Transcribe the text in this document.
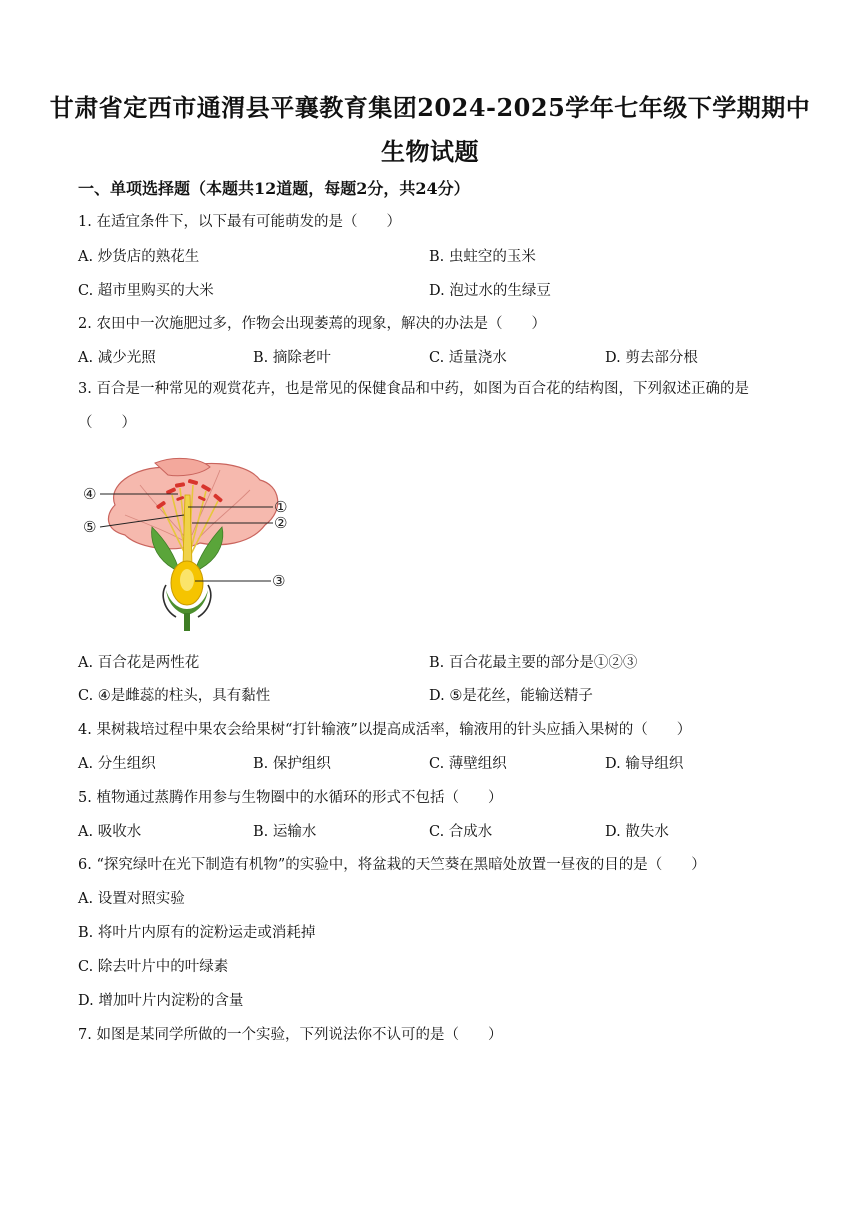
甘肃省定西市通渭县平襄教育集团2024-2025学年七年级下学期期中
生物试题
一、单项选择题（本题共12道题，每题2分，共24分）
1. 在适宜条件下，以下最有可能萌发的是（　　）
A. 炒货店的熟花生	B. 虫蛀空的玉米
C. 超市里购买的大米	D. 泡过水的生绿豆
2. 农田中一次施肥过多，作物会出现萎蔫的现象，解决的办法是（　　）
A. 减少光照	B. 摘除老叶	C. 适量浇水	D. 剪去部分根
3. 百合是一种常见的观赏花卉，也是常见的保健食品和中药，如图为百合花的结构图，下列叙述正确的是（　　）
④
⑤
①
②
③
A. 百合花是两性花	B. 百合花最主要的部分是①②③
C. ④是雌蕊的柱头，具有黏性	D. ⑤是花丝，能输送精子
4. 果树栽培过程中果农会给果树“打针输液”以提高成活率，输液用的针头应插入果树的（　　）
A. 分生组织	B. 保护组织	C. 薄壁组织	D. 输导组织
5. 植物通过蒸腾作用参与生物圈中的水循环的形式不包括（　　）
A. 吸收水	B. 运输水	C. 合成水	D. 散失水
6. “探究绿叶在光下制造有机物”的实验中，将盆栽的天竺葵在黑暗处放置一昼夜的目的是（　　）
A. 设置对照实验
B. 将叶片内原有的淀粉运走或消耗掉
C. 除去叶片中的叶绿素
D. 增加叶片内淀粉的含量
7. 如图是某同学所做的一个实验，下列说法你不认可的是（　　）
